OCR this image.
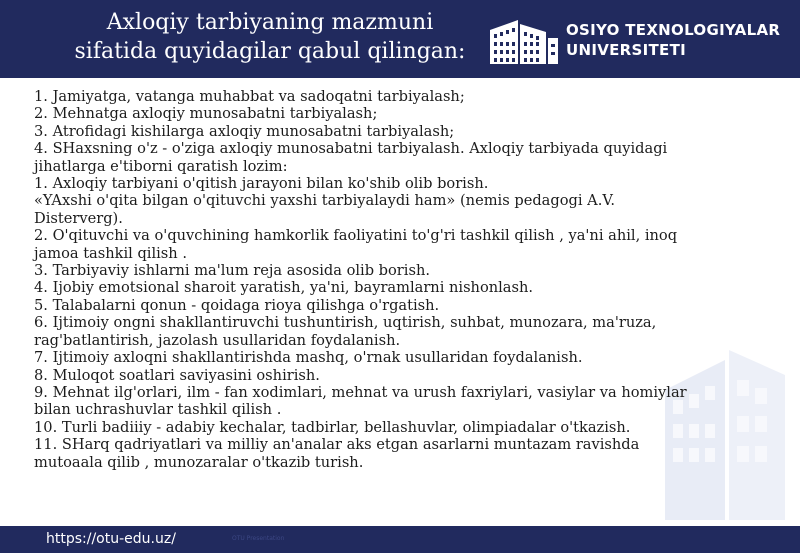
Axloqiy tarbiyaning mazmuni
sifatida quyidagilar qabul qilingan:
OSIYO TEXNOLOGIYALAR
UNIVERSITETI

1. Jamiyatga, vatanga muhabbat va sadoqatni tarbiyalash;

2. Mehnatga axloqiy munosabatni tarbiyalash;

3. Atrofidagi kishilarga axloqiy munosabatni tarbiyalash;

4. SHaxsning o'z - o'ziga axloqiy munosabatni tarbiyalash. Axloqiy tarbiyada quyidagi

jihatlarga e'tiborni qaratish lozim:

1. Axloqiy tarbiyani o'qitish jarayoni bilan ko'shib olib borish.

«YAxshi o'qita bilgan o'qituvchi yaxshi tarbiyalaydi ham» (nemis pedagogi A.V.

Disterverg).

2. O'qituvchi va o'quvchining hamkorlik faoliyatini to'g'ri tashkil qilish , ya'ni ahil, inoq

jamoa tashkil qilish .

3. Tarbiyaviy ishlarni ma'lum reja asosida olib borish.

4. Ijobiy emotsional sharoit yaratish, ya'ni, bayramlarni nishonlash.

5. Talabalarni qonun - qoidaga rioya qilishga o'rgatish.

6. Ijtimoiy ongni shakllantiruvchi tushuntirish, uqtirish, suhbat, munozara, ma'ruza,

rag'batlantirish, jazolash usullaridan foydalanish.

7. Ijtimoiy axloqni shakllantirishda mashq, o'rnak usullaridan foydalanish.

8. Muloqot soatlari saviyasini oshirish.

9. Mehnat ilg'orlari, ilm - fan xodimlari, mehnat va urush faxriylari, vasiylar va homiylar

bilan uchrashuvlar tashkil qilish .

10. Turli badiiiy - adabiy kechalar, tadbirlar, bellashuvlar, olimpiadalar o'tkazish.

11. SHarq qadriyatlari va milliy an'analar aks etgan asarlarni muntazam ravishda

mutoaala qilib , munozaralar o'tkazib turish.

https://otu-edu.uz/	OTU Presentation
